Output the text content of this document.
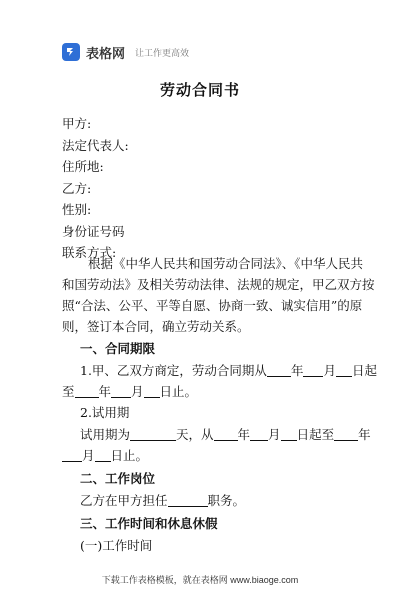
表格网 让工作更高效
劳动合同书
甲方:
法定代表人:
住所地:
乙方:
性别:
身份证号码
联系方式:
根据《中华人民共和国劳动合同法》、《中华人民共
和国劳动法》及相关劳动法律、法规的规定，甲乙双方按
照“合法、公平、平等自愿、协商一致、诚实信用”的原
则，签订本合同，确立劳动关系。
一、合同期限
1.甲、乙双方商定，劳动合同期从 年 月 日起
至 年 月 日止。
2.试用期
试用期为	天，从 年 月 日起至 年
月 日止。
二、工作岗位
乙方在甲方担任	职务。
三、工作时间和休息休假
(一)工作时间
下载工作表格模板，就在表格网 www.biaoge.com
